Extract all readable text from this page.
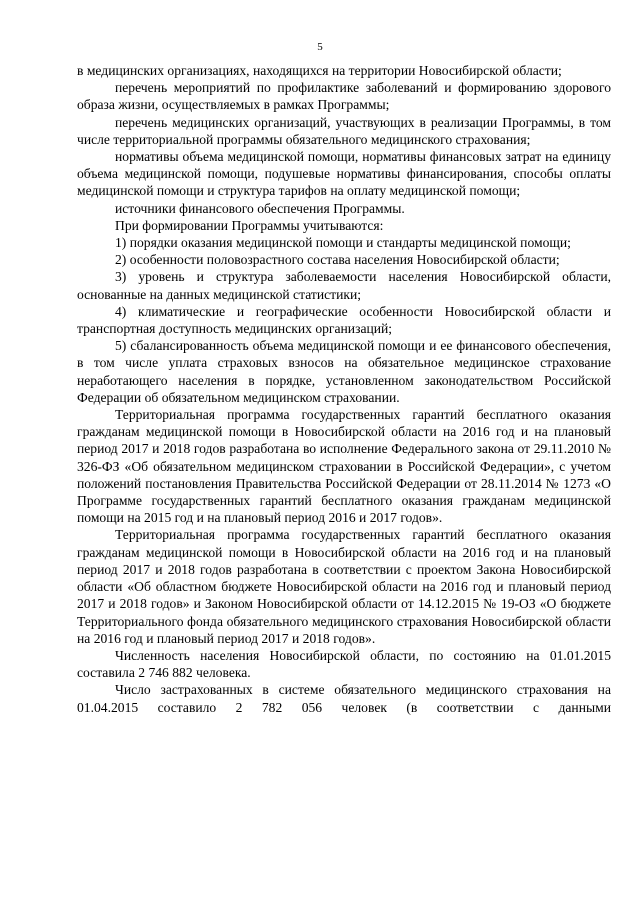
5

в медицинских организациях, находящихся на территории Новосибирской области;

перечень мероприятий по профилактике заболеваний и формированию здорового образа жизни, осуществляемых в рамках Программы;

перечень медицинских организаций, участвующих в реализации Программы, в том числе территориальной программы обязательного медицинского страхования;

нормативы объема медицинской помощи, нормативы финансовых затрат на единицу объема медицинской помощи, подушевые нормативы финансирования, способы оплаты медицинской помощи и структура тарифов на оплату медицинской помощи;

источники финансового обеспечения Программы.

При формировании Программы учитываются:

1) порядки оказания медицинской помощи и стандарты медицинской помощи;

2) особенности половозрастного состава населения Новосибирской области;

3) уровень и структура заболеваемости населения Новосибирской области, основанные на данных медицинской статистики;

4) климатические и географические особенности Новосибирской области и транспортная доступность медицинских организаций;

5) сбалансированность объема медицинской помощи и ее финансового обеспечения, в том числе уплата страховых взносов на обязательное медицинское страхование неработающего населения в порядке, установленном законодательством Российской Федерации об обязательном медицинском страховании.

Территориальная программа государственных гарантий бесплатного оказания гражданам медицинской помощи в Новосибирской области на 2016 год и на плановый период 2017 и 2018 годов разработана во исполнение Федерального закона от 29.11.2010 № 326-ФЗ «Об обязательном медицинском страховании в Российской Федерации», с учетом положений постановления Правительства Российской Федерации от 28.11.2014 № 1273 «О Программе государственных гарантий бесплатного оказания гражданам медицинской помощи на 2015 год и на плановый период 2016 и 2017 годов».

Территориальная программа государственных гарантий бесплатного оказания гражданам медицинской помощи в Новосибирской области на 2016 год и на плановый период 2017 и 2018 годов разработана в соответствии с проектом Закона Новосибирской области «Об областном бюджете Новосибирской области на 2016 год и плановый период 2017 и 2018 годов» и Законом Новосибирской области от 14.12.2015 № 19-ОЗ «О бюджете Территориального фонда обязательного медицинского страхования Новосибирской области на 2016 год и плановый период 2017 и 2018 годов».

Численность населения Новосибирской области, по состоянию на 01.01.2015 составила 2 746 882 человека.

Число застрахованных в системе обязательного медицинского страхования на 01.04.2015 составило 2 782 056 человек (в соответствии с данными
